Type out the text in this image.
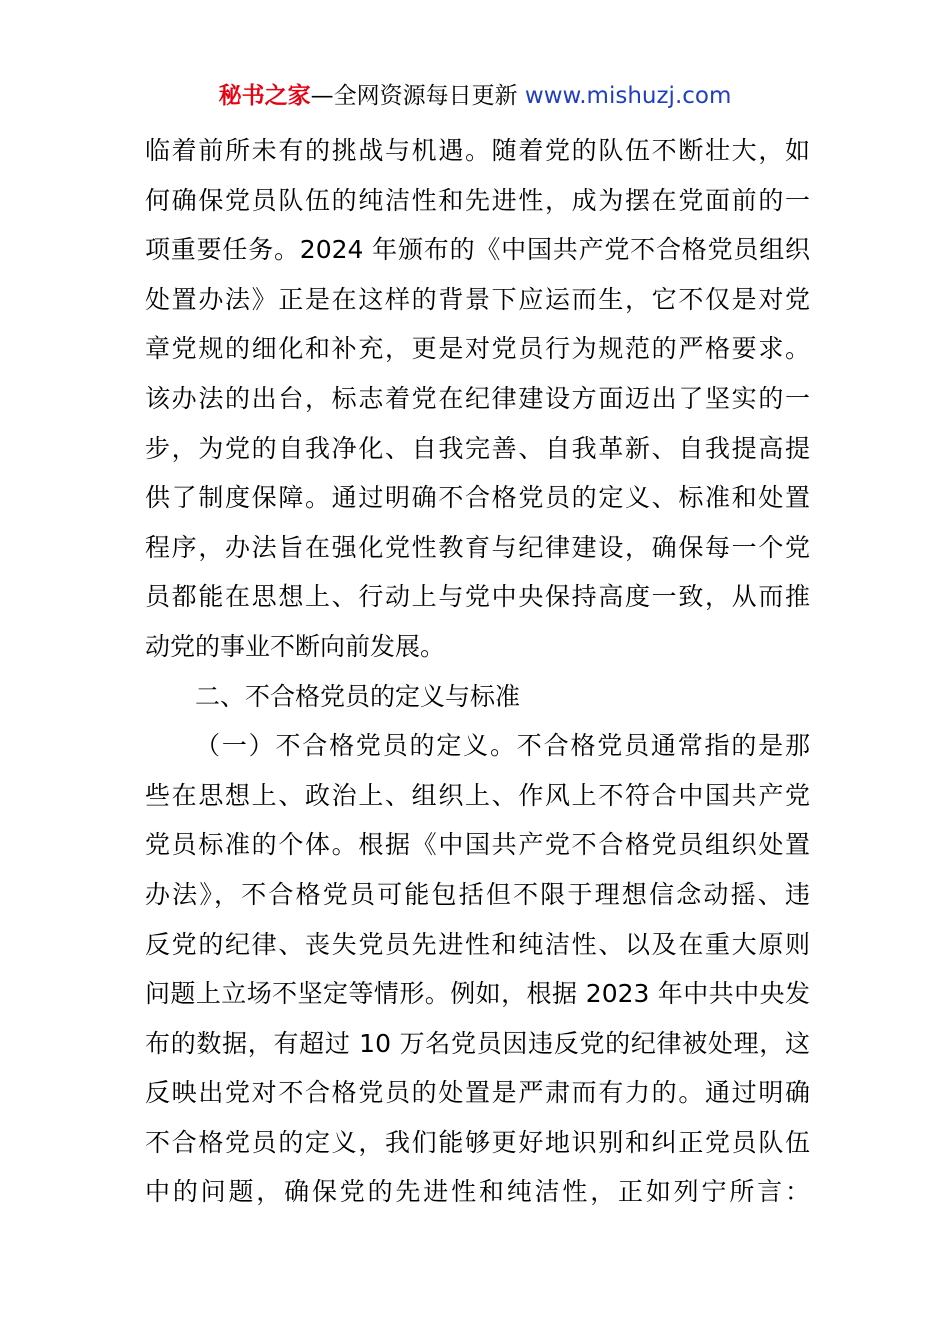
秘书之家—全网资源每日更新 www.mishuzj.com
临着前所未有的挑战与机遇。随着党的队伍不断壮大，如
何确保党员队伍的纯洁性和先进性，成为摆在党面前的一
项重要任务。2024 年颁布的《中国共产党不合格党员组织
处置办法》正是在这样的背景下应运而生，它不仅是对党
章党规的细化和补充，更是对党员行为规范的严格要求。
该办法的出台，标志着党在纪律建设方面迈出了坚实的一
步，为党的自我净化、自我完善、自我革新、自我提高提
供了制度保障。通过明确不合格党员的定义、标准和处置
程序，办法旨在强化党性教育与纪律建设，确保每一个党
员都能在思想上、行动上与党中央保持高度一致，从而推
动党的事业不断向前发展。
二、不合格党员的定义与标准
（一）不合格党员的定义。不合格党员通常指的是那
些在思想上、政治上、组织上、作风上不符合中国共产党
党员标准的个体。根据《中国共产党不合格党员组织处置
办法》，不合格党员可能包括但不限于理想信念动摇、违
反党的纪律、丧失党员先进性和纯洁性、以及在重大原则
问题上立场不坚定等情形。例如，根据 2023 年中共中央发
布的数据，有超过 10 万名党员因违反党的纪律被处理，这
反映出党对不合格党员的处置是严肃而有力的。通过明确
不合格党员的定义，我们能够更好地识别和纠正党员队伍
中的问题，确保党的先进性和纯洁性，正如列宁所言：
